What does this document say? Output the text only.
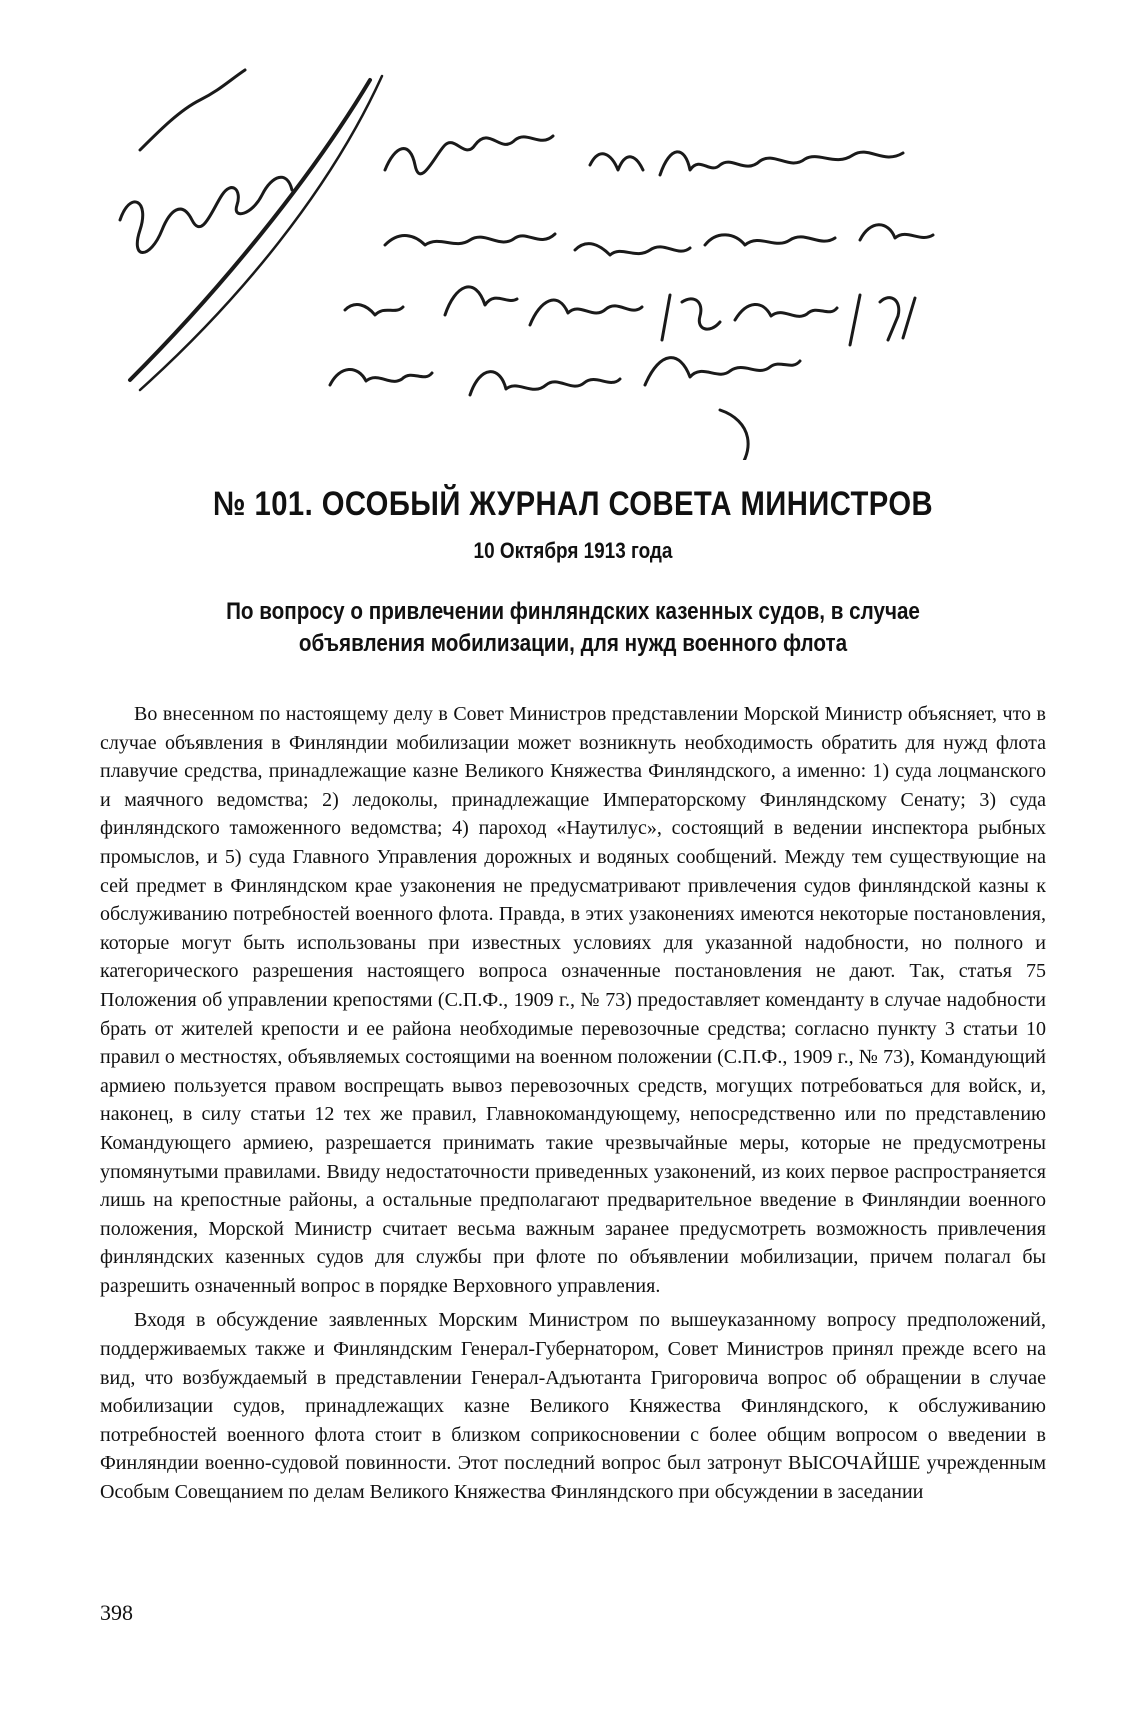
№ 101. ОСОБЫЙ ЖУРНАЛ СОВЕТА МИНИСТРОВ
10 Октября 1913 года
По вопросу о привлечении финляндских казенных судов, в случае объявления мобилизации, для нужд военного флота

Во внесенном по настоящему делу в Совет Министров представлении Морской Министр объясняет, что в случае объявления в Финляндии мобилизации может возникнуть необходимость обратить для нужд флота плавучие средства, принадлежащие казне Великого Княжества Финляндского, а именно: 1) суда лоцманского и маячного ведомства; 2) ледоколы, принадлежащие Императорскому Финляндскому Сенату; 3) суда финляндского таможенного ведомства; 4) пароход «Наутилус», состоящий в ведении инспектора рыбных промыслов, и 5) суда Главного Управления дорожных и водяных сообщений. Между тем существующие на сей предмет в Финляндском крае узаконения не предусматривают привлечения судов финляндской казны к обслуживанию потребностей военного флота. Правда, в этих узаконениях имеются некоторые постановления, которые могут быть использованы при известных условиях для указанной надобности, но полного и категорического разрешения настоящего вопроса означенные постановления не дают. Так, статья 75 Положения об управлении крепостями (С.П.Ф., 1909 г., № 73) предоставляет коменданту в случае надобности брать от жителей крепости и ее района необходимые перевозочные средства; согласно пункту 3 статьи 10 правил о местностях, объявляемых состоящими на военном положении (С.П.Ф., 1909 г., № 73), Командующий армиею пользуется правом воспрещать вывоз перевозочных средств, могущих потребоваться для войск, и, наконец, в силу статьи 12 тех же правил, Главнокомандующему, непосредственно или по представлению Командующего армиею, разрешается принимать такие чрезвычайные меры, которые не предусмотрены упомянутыми правилами. Ввиду недостаточности приведенных узаконений, из коих первое распространяется лишь на крепостные районы, а остальные предполагают предварительное введение в Финляндии военного положения, Морской Министр считает весьма важным заранее предусмотреть возможность привлечения финляндских казенных судов для службы при флоте по объявлении мобилизации, причем полагал бы разрешить означенный вопрос в порядке Верховного управления.

Входя в обсуждение заявленных Морским Министром по вышеуказанному вопросу предположений, поддерживаемых также и Финляндским Генерал-Губернатором, Совет Министров принял прежде всего на вид, что возбуждаемый в представлении Генерал-Адъютанта Григоровича вопрос об обращении в случае мобилизации судов, принадлежащих казне Великого Княжества Финляндского, к обслуживанию потребностей военного флота стоит в близком соприкосновении с более общим вопросом о введении в Финляндии военно-судовой повинности. Этот последний вопрос был затронут ВЫСОЧАЙШЕ учрежденным Особым Совещанием по делам Великого Княжества Финляндского при обсуждении в заседании

398
